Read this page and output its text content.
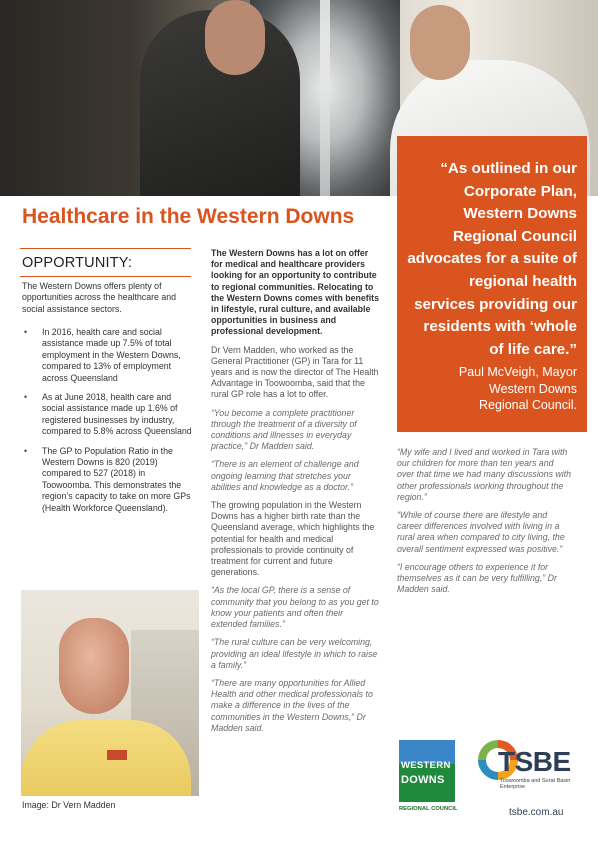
“As outlined in our Corporate Plan, Western Downs Regional Council advocates for a suite of regional health services providing our residents with ‘whole of life care.”
Paul McVeigh, Mayor
Western Downs
Regional Council.
Healthcare in the Western Downs
OPPORTUNITY:
The Western Downs offers plenty of opportunities across the healthcare and social assistance sectors.
• In 2016, health care and social assistance made up 7.5% of total employment in the Western Downs, compared to 13% of employment across Queensland
• As at June 2018, health care and social assistance made up 1.6% of registered businesses by industry, compared to 5.8% across Queensland
• The GP to Population Ratio in the Western Downs is 820 (2019) compared to 527 (2018) in Toowoomba. This demonstrates the region’s capacity to take on more GPs (Health Workforce Queensland).
Image: Dr Vern Madden

The Western Downs has a lot on offer for medical and healthcare providers looking for an opportunity to contribute to regional communities. Relocating to the Western Downs comes with benefits in lifestyle, rural culture, and available opportunities in business and professional development.

Dr Vern Madden, who worked as the General Practitioner (GP) in Tara for 11 years and is now the director of The Health Advantage in Toowoomba, said that the rural GP role has a lot to offer.

“You become a complete practitioner through the treatment of a diversity of conditions and illnesses in everyday practice,” Dr Madden said.

“There is an element of challenge and ongoing learning that stretches your abilities and knowledge as a doctor.”

The growing population in the Western Downs has a higher birth rate than the Queensland average, which highlights the potential for health and medical professionals to provide continuity of treatment for current and future generations.

“As the local GP, there is a sense of community that you belong to as you get to know your patients and often their extended families.”

“The rural culture can be very welcoming, providing an ideal lifestyle in which to raise a family.”

“There are many opportunities for Allied Health and other medical professionals to make a difference in the lives of the communities in the Western Downs,” Dr Madden said.

“My wife and I lived and worked in Tara with our children for more than ten years and over that time we had many discussions with other professionals working throughout the region.”

“While of course there are lifestyle and career differences involved with living in a rural area when compared to city living, the overall sentiment expressed was positive.”

“I encourage others to experience it for themselves as it can be very fulfilling,” Dr Madden said.

WESTERN
DOWNS
REGIONAL COUNCIL
TSBE
Toowoomba and Surat Basin Enterprise
tsbe.com.au
